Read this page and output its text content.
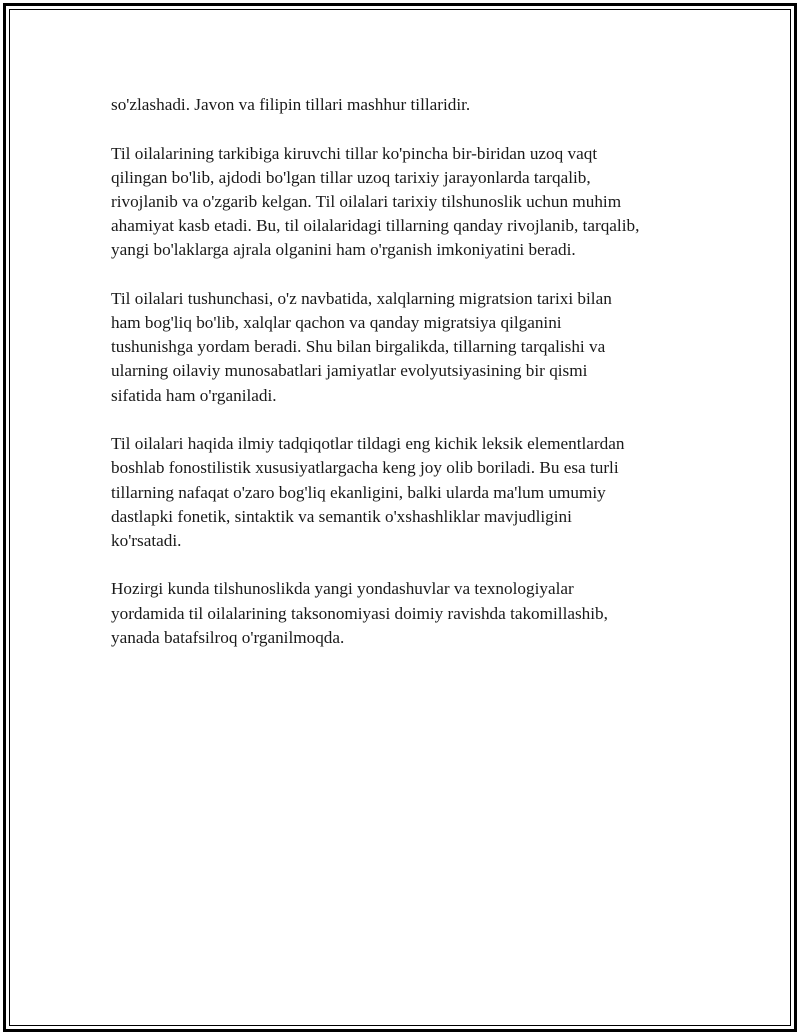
so'zlashadi. Javon va filipin tillari mashhur tillaridir.

Til oilalarining tarkibiga kiruvchi tillar ko'pincha bir-biridan uzoq vaqt
qilingan bo'lib, ajdodi bo'lgan tillar uzoq tarixiy jarayonlarda tarqalib,
rivojlanib va o'zgarib kelgan. Til oilalari tarixiy tilshunoslik uchun muhim
ahamiyat kasb etadi. Bu, til oilalaridagi tillarning qanday rivojlanib, tarqalib,
yangi bo'laklarga ajrala olganini ham o'rganish imkoniyatini beradi.

Til oilalari tushunchasi, o'z navbatida, xalqlarning migratsion tarixi bilan
ham bog'liq bo'lib, xalqlar qachon va qanday migratsiya qilganini
tushunishga yordam beradi. Shu bilan birgalikda, tillarning tarqalishi va
ularning oilaviy munosabatlari jamiyatlar evolyutsiyasining bir qismi
sifatida ham o'rganiladi.

Til oilalari haqida ilmiy tadqiqotlar tildagi eng kichik leksik elementlardan
boshlab fonostilistik xususiyatlargacha keng joy olib boriladi. Bu esa turli
tillarning nafaqat o'zaro bog'liq ekanligini, balki ularda ma'lum umumiy
dastlapki fonetik, sintaktik va semantik o'xshashliklar mavjudligini
ko'rsatadi.

Hozirgi kunda tilshunoslikda yangi yondashuvlar va texnologiyalar
yordamida til oilalarining taksonomiyasi doimiy ravishda takomillashib,
yanada batafsilroq o'rganilmoqda.
